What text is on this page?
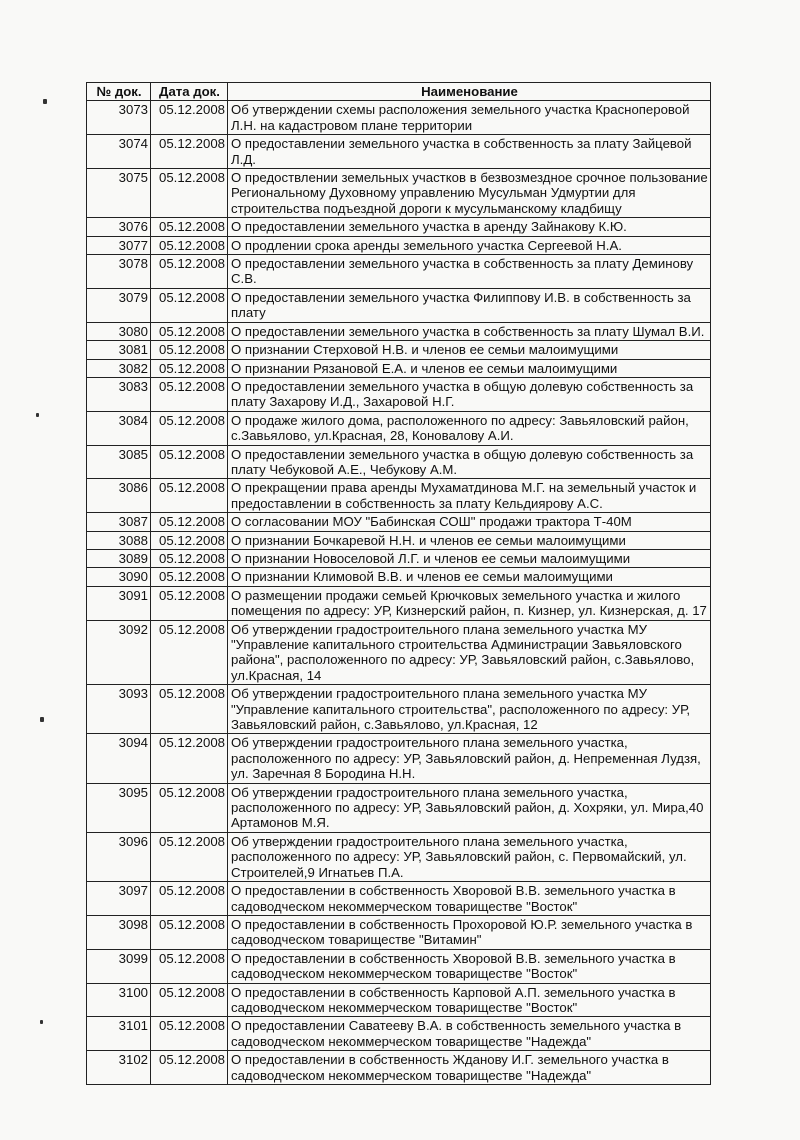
№ док.	Дата док.	Наименование
3073	05.12.2008	Об утверждении схемы расположения земельного участка Красноперовой Л.Н. на кадастровом плане территории
3074	05.12.2008	О предоставлении земельного участка в собственность за плату Зайцевой Л.Д.
3075	05.12.2008	О предоствлении земельных участков в безвозмездное срочное пользование Региональному Духовному управлению Мусульман Удмуртии для строительства подъездной дороги к мусульманскому кладбищу
3076	05.12.2008	О предоставлении земельного участка в аренду Зайнакову К.Ю.
3077	05.12.2008	О продлении срока аренды земельного участка Сергеевой Н.А.
3078	05.12.2008	О предоставлении земельного участка в собственность за плату Деминову С.В.
3079	05.12.2008	О предоставлении земельного участка Филиппову И.В. в собственность за плату
3080	05.12.2008	О предоставлении земельного участка в собственность за плату Шумал В.И.
3081	05.12.2008	О признании Стерховой Н.В. и членов ее семьи малоимущими
3082	05.12.2008	О признании Рязановой Е.А. и членов ее семьи малоимущими
3083	05.12.2008	О предоставлении земельного участка в общую долевую собственность за плату Захарову И.Д., Захаровой Н.Г.
3084	05.12.2008	О продаже жилого дома, расположенного по адресу: Завьяловский район, с.Завьялово, ул.Красная, 28, Коновалову А.И.
3085	05.12.2008	О предоставлении земельного участка в общую долевую собственность за плату Чебуковой А.Е., Чебукову А.М.
3086	05.12.2008	О прекращении права аренды Мухаматдинова М.Г. на земельный участок и предоставлении в собственность за плату Кельдиярову А.С.
3087	05.12.2008	О согласовании МОУ "Бабинская СОШ" продажи трактора Т-40М
3088	05.12.2008	О признании Бочкаревой Н.Н. и членов ее семьи малоимущими
3089	05.12.2008	О признании Новоселовой Л.Г. и членов ее семьи малоимущими
3090	05.12.2008	О признании Климовой В.В. и членов ее семьи малоимущими
3091	05.12.2008	О размещении продажи семьей Крючковых земельного участка и жилого помещения по адресу: УР, Кизнерский район, п. Кизнер, ул. Кизнерская, д. 17
3092	05.12.2008	Об утверждении градостроительного плана земельного участка МУ "Управление капитального строительства Администрации Завьяловского района", расположенного по адресу: УР, Завьяловский район, с.Завьялово, ул.Красная, 14
3093	05.12.2008	Об утверждении градостроительного плана земельного участка МУ "Управление капитального строительства", расположенного по адресу: УР, Завьяловский район, с.Завьялово, ул.Красная, 12
3094	05.12.2008	Об утверждении градостроительного плана земельного участка, расположенного по адресу: УР, Завьяловский район, д. Непременная Лудзя, ул. Заречная 8 Бородина Н.Н.
3095	05.12.2008	Об утверждении градостроительного плана земельного участка, расположенного по адресу: УР, Завьяловский район, д. Хохряки, ул. Мира,40 Артамонов М.Я.
3096	05.12.2008	Об утверждении градостроительного плана земельного участка, расположенного по адресу: УР, Завьяловский район, с. Первомайский, ул. Строителей,9 Игнатьев П.А.
3097	05.12.2008	О предоставлении в собственность Хворовой В.В. земельного участка в садоводческом некоммерческом товариществе "Восток"
3098	05.12.2008	О предоставлении в собственность Прохоровой Ю.Р. земельного участка в садоводческом товариществе "Витамин"
3099	05.12.2008	О предоставлении в собственность Хворовой В.В. земельного участка в садоводческом некоммерческом товариществе "Восток"
3100	05.12.2008	О предоставлении в собственность Карповой А.П. земельного участка в садоводческом некоммерческом товариществе "Восток"
3101	05.12.2008	О предоставлении Саватееву В.А. в собственность земельного участка в садоводческом некоммерческом товариществе "Надежда"
3102	05.12.2008	О предоставлении в собственность Жданову И.Г. земельного участка в садоводческом некоммерческом товариществе "Надежда"
